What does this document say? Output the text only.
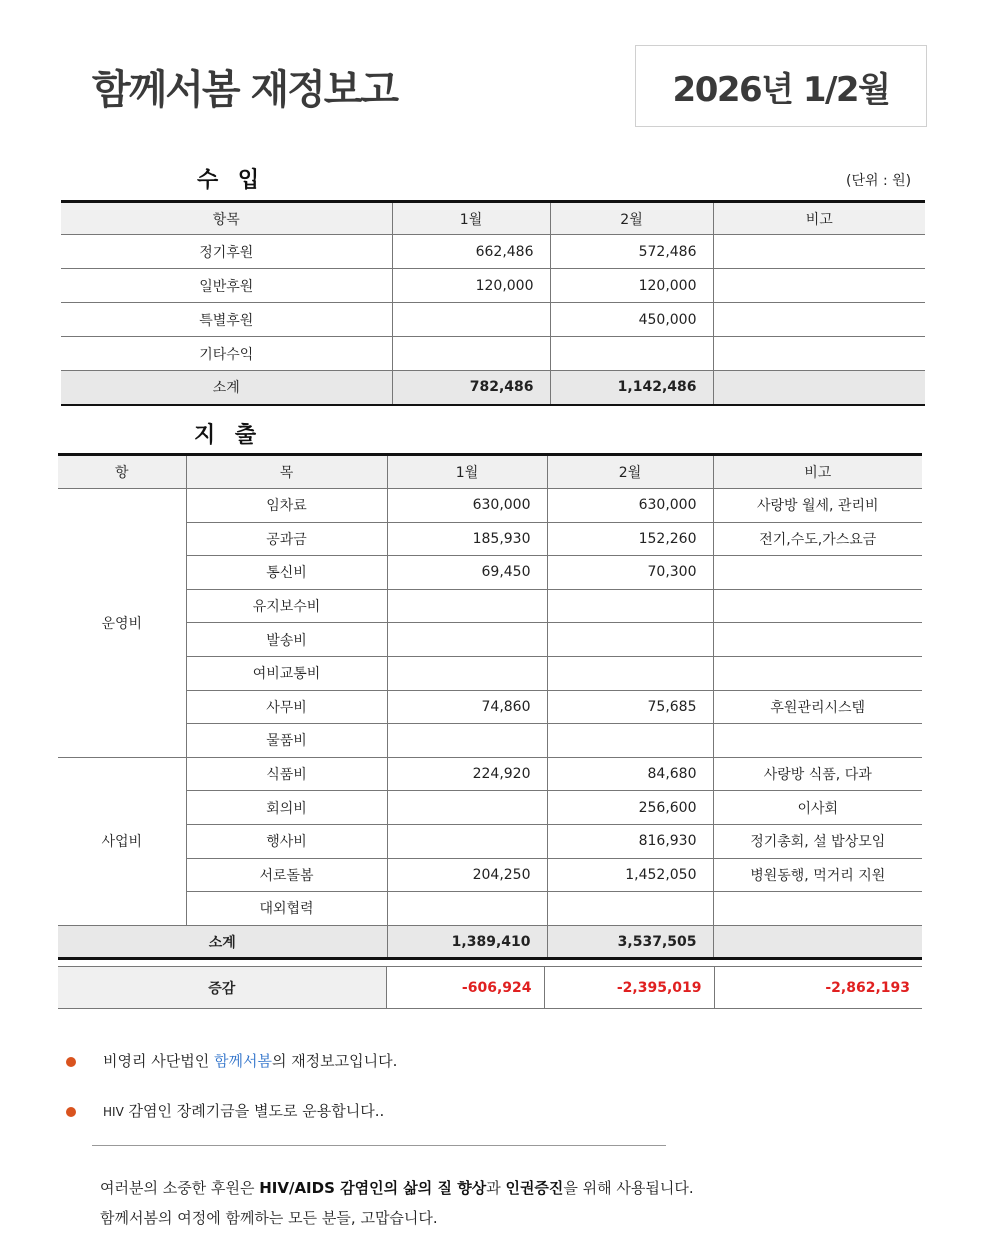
함께서봄 재정보고	2026년 1/2월
수 입	(단위 : 원)
항목	1월	2월	비고
정기후원	662,486	572,486	
일반후원	120,000	120,000	
특별후원		450,000	
기타수익			
소계	782,486	1,142,486	
지 출
항	목	1월	2월	비고
운영비	임차료	630,000	630,000	사랑방 월세, 관리비
	공과금	185,930	152,260	전기,수도,가스요금
	통신비	69,450	70,300	
	유지보수비			
	발송비			
	여비교통비			
	사무비	74,860	75,685	후원관리시스템
	물품비			
사업비	식품비	224,920	84,680	사랑방 식품, 다과
	회의비		256,600	이사회
	행사비		816,930	정기총회, 설 밥상모임
	서로돌봄	204,250	1,452,050	병원동행, 먹거리 지원
	대외협력			
소계		1,389,410	3,537,505	
증감	-606,924	-2,395,019	-2,862,193
비영리 사단법인 함께서봄의 재정보고입니다.
HIV 감염인 장례기금을 별도로 운용합니다..
여러분의 소중한 후원은 HIV/AIDS 감염인의 삶의 질 향상과 인권증진을 위해 사용됩니다.
함께서봄의 여정에 함께하는 모든 분들, 고맙습니다.
